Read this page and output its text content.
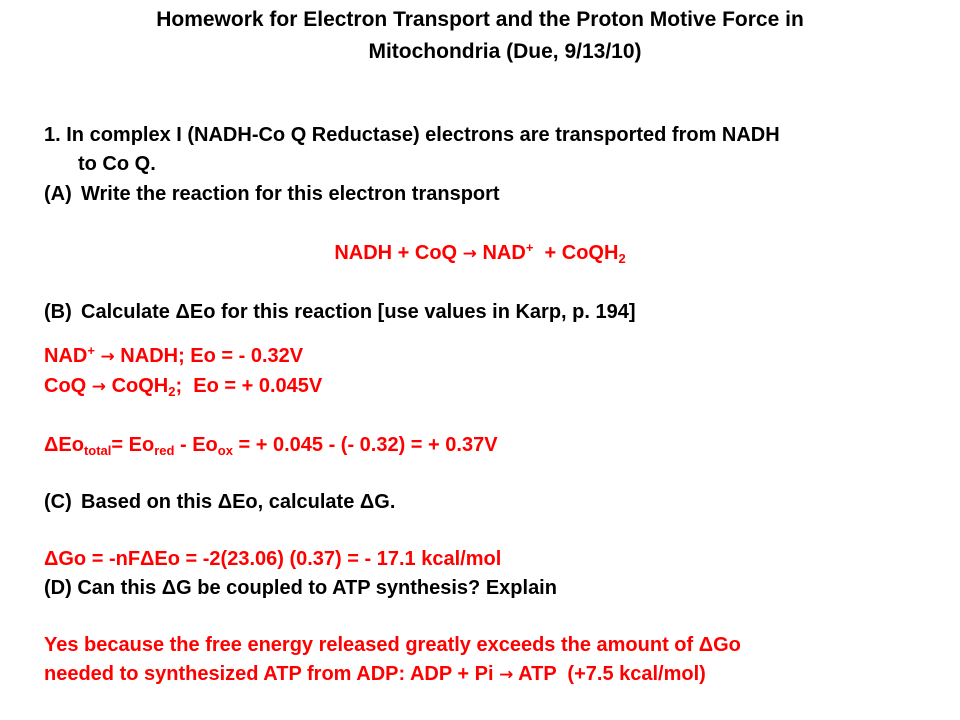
Homework for Electron Transport and the Proton Motive Force in
Mitochondria (Due, 9/13/10)
1. In complex I (NADH-Co Q Reductase) electrons are transported from NADH
to Co Q.
(A) Write the reaction for this electron transport
NADH + CoQ → NAD+  + CoQH$_2$
(B) Calculate ΔEo for this reaction [use values in Karp, p. 194]
NAD+ → NADH; Eo = - 0.32V
CoQ → CoQH$_2$;  Eo = + 0.045V
$\Delta Eo_{total}= Eo_{red} - Eo_{ox}$ = + 0.045 - (- 0.32) = + 0.37V
(C) Based on this ΔEo, calculate ΔG.
ΔGo = -nFΔEo = -2(23.06) (0.37) = - 17.1 kcal/mol
(D) Can this ΔG be coupled to ATP synthesis? Explain
Yes because the free energy released greatly exceeds the amount of ΔGo
needed to synthesized ATP from ADP: ADP + Pi → ATP  (+7.5 kcal/mol)
